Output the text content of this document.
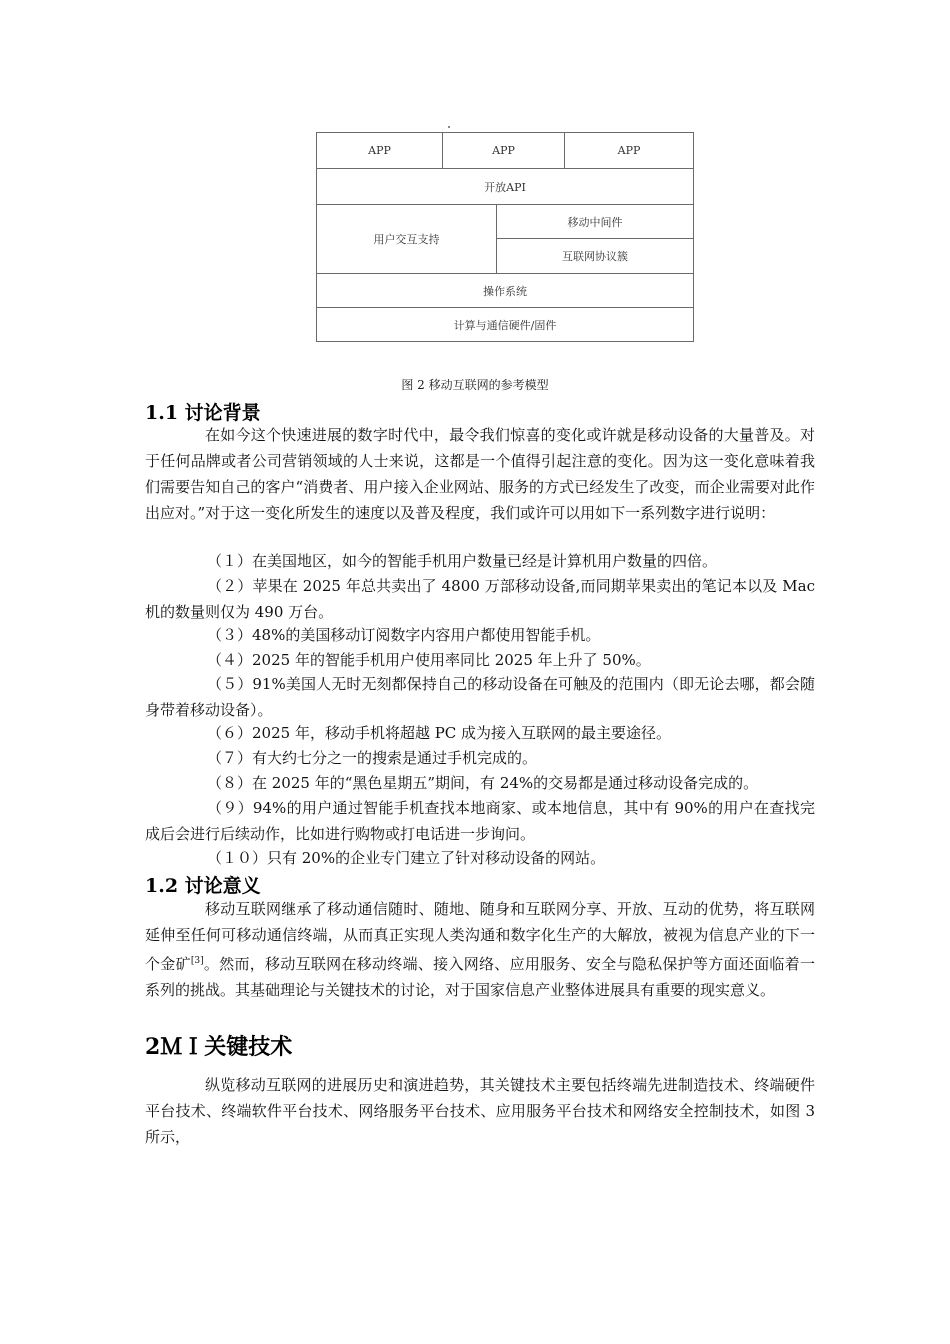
APP	APP	APP
开放API
用户交互支持
移动中间件
互联网协议簇
操作系统
计算与通信硬件/固件
图 2 移动互联网的参考模型
1.1 讨论背景

在如今这个快速进展的数字时代中，最令我们惊喜的变化或许就是移动设备的大量普及。对于任何品牌或者公司营销领域的人士来说，这都是一个值得引起注意的变化。因为这一变化意味着我们需要告知自己的客户“消费者、用户接入企业网站、服务的方式已经发生了改变，而企业需要对此作出应对。”对于这一变化所发生的速度以及普及程度，我们或许可以用如下一系列数字进行说明：

（１）在美国地区，如今的智能手机用户数量已经是计算机用户数量的四倍。

（２）苹果在 2025 年总共卖出了 4800 万部移动设备,而同期苹果卖出的笔记本以及 Mac 机的数量则仅为 490 万台。

（３）48%的美国移动订阅数字内容用户都使用智能手机。

（４）2025 年的智能手机用户使用率同比 2025 年上升了 50%。

（５）91%美国人无时无刻都保持自己的移动设备在可触及的范围内（即无论去哪，都会随身带着移动设备）。

（６）2025 年，移动手机将超越 PC 成为接入互联网的最主要途径。

（７）有大约七分之一的搜索是通过手机完成的。

（８）在 2025 年的“黑色星期五”期间，有 24%的交易都是通过移动设备完成的。

（９）94%的用户通过智能手机查找本地商家、或本地信息，其中有 90%的用户在查找完成后会进行后续动作，比如进行购物或打电话进一步询问。

（１０）只有 20%的企业专门建立了针对移动设备的网站。

1.2 讨论意义

移动互联网继承了移动通信随时、随地、随身和互联网分享、开放、互动的优势，将互联网延伸至任何可移动通信终端，从而真正实现人类沟通和数字化生产的大解放，被视为信息产业的下一个金矿[3]。然而，移动互联网在移动终端、接入网络、应用服务、安全与隐私保护等方面还面临着一系列的挑战。其基础理论与关键技术的讨论，对于国家信息产业整体进展具有重要的现实意义。

2ＭＩ关键技术

纵览移动互联网的进展历史和演进趋势，其关键技术主要包括终端先进制造技术、终端硬件平台技术、终端软件平台技术、网络服务平台技术、应用服务平台技术和网络安全控制技术，如图 3 所示，
